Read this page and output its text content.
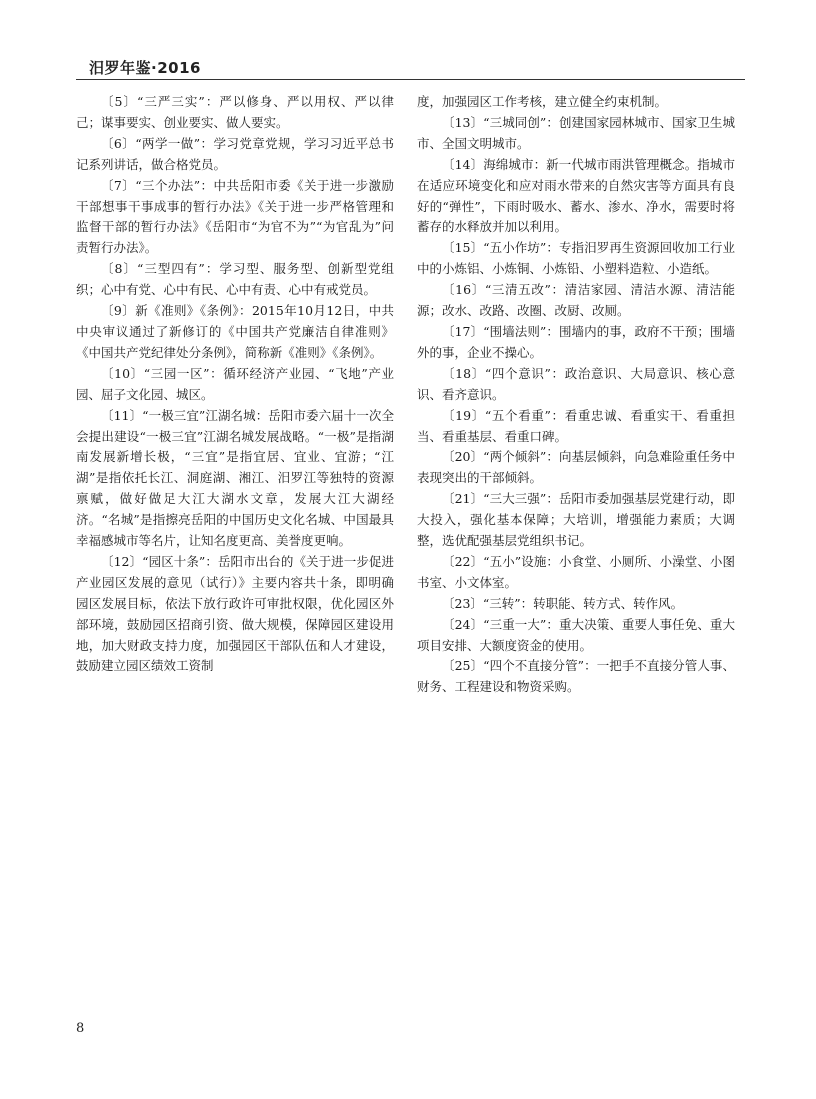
汨罗年鉴·2016

〔5〕“三严三实”：严以修身、严以用权、严以律己；谋事要实、创业要实、做人要实。

〔6〕“两学一做”：学习党章党规，学习习近平总书记系列讲话，做合格党员。

〔7〕“三个办法”：中共岳阳市委《关于进一步激励干部想事干事成事的暂行办法》《关于进一步严格管理和监督干部的暂行办法》《岳阳市“为官不为”“为官乱为”问责暂行办法》。

〔8〕“三型四有”：学习型、服务型、创新型党组织；心中有党、心中有民、心中有责、心中有戒党员。

〔9〕新《准则》《条例》：2015年10月12日，中共中央审议通过了新修订的《中国共产党廉洁自律准则》《中国共产党纪律处分条例》，简称新《准则》《条例》。

〔10〕“三园一区”：循环经济产业园、“飞地”产业园、屈子文化园、城区。

〔11〕“一极三宜”江湖名城：岳阳市委六届十一次全会提出建设“一极三宜”江湖名城发展战略。“一极”是指湖南发展新增长极，“三宜”是指宜居、宜业、宜游；“江湖”是指依托长江、洞庭湖、湘江、汨罗江等独特的资源禀赋，做好做足大江大湖水文章，发展大江大湖经济。“名城”是指擦亮岳阳的中国历史文化名城、中国最具幸福感城市等名片，让知名度更高、美誉度更响。

〔12〕“园区十条”：岳阳市出台的《关于进一步促进产业园区发展的意见（试行）》主要内容共十条，即明确园区发展目标，依法下放行政许可审批权限，优化园区外部环境，鼓励园区招商引资、做大规模，保障园区建设用地，加大财政支持力度，加强园区干部队伍和人才建设，鼓励建立园区绩效工资制

度，加强园区工作考核，建立健全约束机制。

〔13〕“三城同创”：创建国家园林城市、国家卫生城市、全国文明城市。

〔14〕海绵城市：新一代城市雨洪管理概念。指城市在适应环境变化和应对雨水带来的自然灾害等方面具有良好的“弹性”，下雨时吸水、蓄水、渗水、净水，需要时将蓄存的水释放并加以利用。

〔15〕“五小作坊”：专指汨罗再生资源回收加工行业中的小炼铝、小炼铜、小炼铅、小塑料造粒、小造纸。

〔16〕“三清五改”：清洁家园、清洁水源、清洁能源；改水、改路、改圈、改厨、改厕。

〔17〕“围墙法则”：围墙内的事，政府不干预；围墙外的事，企业不操心。

〔18〕“四个意识”：政治意识、大局意识、核心意识、看齐意识。

〔19〕“五个看重”：看重忠诚、看重实干、看重担当、看重基层、看重口碑。

〔20〕“两个倾斜”：向基层倾斜，向急难险重任务中表现突出的干部倾斜。

〔21〕“三大三强”：岳阳市委加强基层党建行动，即大投入，强化基本保障；大培训，增强能力素质；大调整，选优配强基层党组织书记。

〔22〕“五小”设施：小食堂、小厕所、小澡堂、小图书室、小文体室。

〔23〕“三转”：转职能、转方式、转作风。

〔24〕“三重一大”：重大决策、重要人事任免、重大项目安排、大额度资金的使用。

〔25〕“四个不直接分管”：一把手不直接分管人事、财务、工程建设和物资采购。

8
